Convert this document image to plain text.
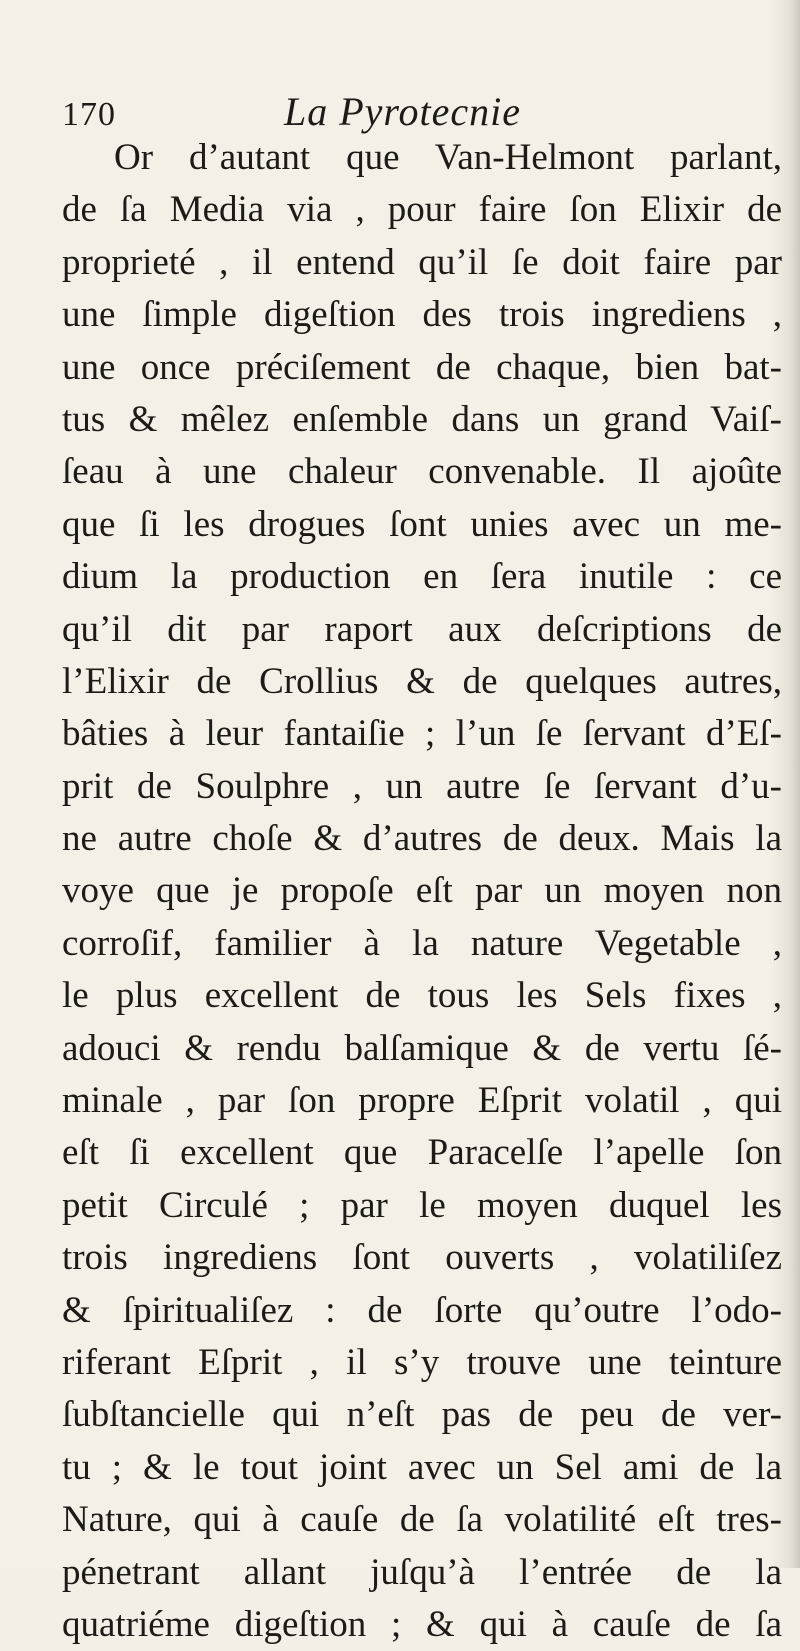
170	La Pyrotecnie
Or d’autant que Van-Helmont parlant,
de ſa Media via , pour faire ſon Elixir de
proprieté , il entend qu’il ſe doit faire par
une ſimple digeſtion des trois ingrediens ,
une once préciſement de chaque, bien bat-
tus & mêlez enſemble dans un grand Vaiſ-
ſeau à une chaleur convenable. Il ajoûte
que ſi les drogues ſont unies avec un me-
dium la production en ſera inutile : ce
qu’il dit par raport aux deſcriptions de
l’Elixir de Crollius & de quelques autres,
bâties à leur fantaiſie ; l’un ſe ſervant d’Eſ-
prit de Soulphre , un autre ſe ſervant d’u-
ne autre choſe & d’autres de deux. Mais la
voye que je propoſe eſt par un moyen non
corroſif, familier à la nature Vegetable ,
le plus excellent de tous les Sels fixes ,
adouci & rendu balſamique & de vertu ſé-
minale , par ſon propre Eſprit volatil , qui
eſt ſi excellent que Paracelſe l’apelle ſon
petit Circulé ; par le moyen duquel les
trois ingrediens ſont ouverts , volatiliſez
& ſpiritualiſez : de ſorte qu’outre l’odo-
riferant Eſprit , il s’y trouve une teinture
ſubſtancielle qui n’eſt pas de peu de ver-
tu ; & le tout joint avec un Sel ami de la
Nature, qui à cauſe de ſa volatilité eſt tres-
pénetrant allant juſqu’à l’entrée de la
quatriéme digeſtion ; & qui à cauſe de ſa
